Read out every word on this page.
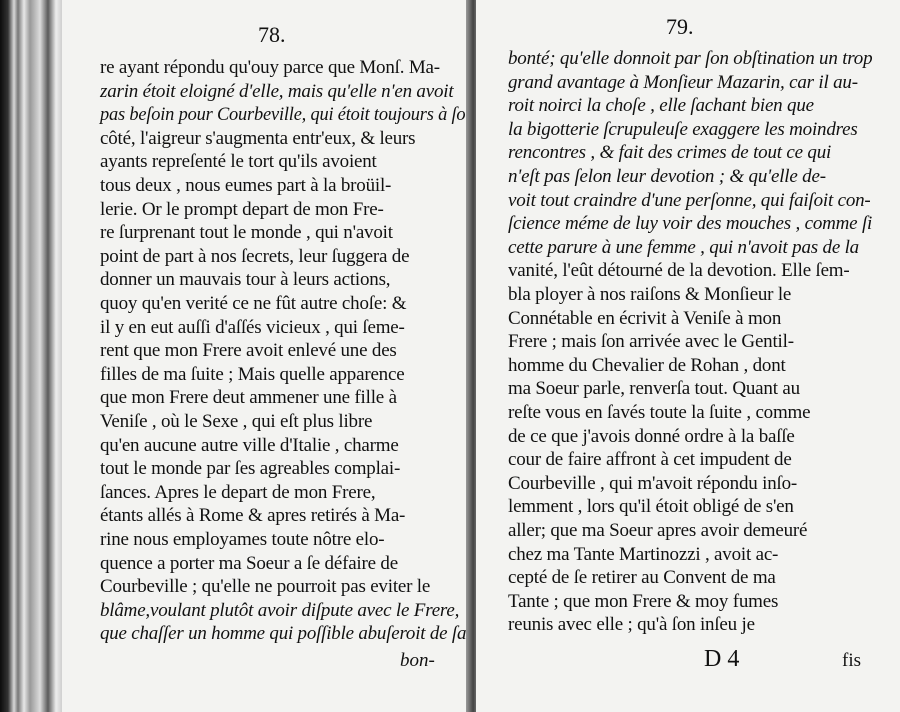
78.
re ayant répondu qu'ouy parce que Monſ. Ma-
zarin étoit eloigné d'elle, mais qu'elle n'en avoit
pas beſoin pour Courbeville, qui étoit toujours à ſo
côté, l'aigreur s'augmenta entr'eux, & leurs
ayants repreſenté le tort qu'ils avoient
tous deux , nous eumes part à la broüil-
lerie. Or le prompt depart de mon Fre-
re ſurprenant tout le monde , qui n'avoit
point de part à nos ſecrets, leur ſuggera de
donner un mauvais tour à leurs actions,
quoy qu'en verité ce ne fût autre choſe: &
il y en eut auſſi d'aſſés vicieux , qui ſeme-
rent que mon Frere avoit enlevé une des
filles de ma ſuite ; Mais quelle apparence
que mon Frere deut ammener une fille à
Veniſe , où le Sexe , qui eſt plus libre
qu'en aucune autre ville d'Italie , charme
tout le monde par ſes agreables complai-
ſances. Apres le depart de mon Frere,
étants allés à Rome & apres retirés à Ma-
rine nous employames toute nôtre elo-
quence a porter ma Soeur a ſe défaire de
Courbeville ; qu'elle ne pourroit pas eviter le
blâme,voulant plutôt avoir diſpute avec le Frere,
que chaſſer un homme qui poſſible abuſeroit de ſa
bon-
79.
bonté; qu'elle donnoit par ſon obſtination un trop
grand avantage à Monſieur Mazarin, car il au-
roit noirci la choſe , elle ſachant bien que
la bigotterie ſcrupuleuſe exaggere les moindres
rencontres , & fait des crimes de tout ce qui
n'eſt pas ſelon leur devotion ; & qu'elle de-
voit tout craindre d'une perſonne, qui faiſoit con-
ſcience méme de luy voir des mouches , comme ſi
cette parure à une femme , qui n'avoit pas de la
vanité, l'eût détourné de la devotion. Elle ſem-
bla ployer à nos raiſons & Monſieur le
Connétable en écrivit à Veniſe à mon
Frere ; mais ſon arrivée avec le Gentil-
homme du Chevalier de Rohan , dont
ma Soeur parle, renverſa tout. Quant au
reſte vous en ſavés toute la ſuite , comme
de ce que j'avois donné ordre à la baſſe
cour de faire affront à cet impudent de
Courbeville , qui m'avoit répondu inſo-
lemment , lors qu'il étoit obligé de s'en
aller; que ma Soeur apres avoir demeuré
chez ma Tante Martinozzi , avoit ac-
cepté de ſe retirer au Convent de ma
Tante ; que mon Frere & moy fumes
reunis avec elle ; qu'à ſon inſeu je
D 4	fis
